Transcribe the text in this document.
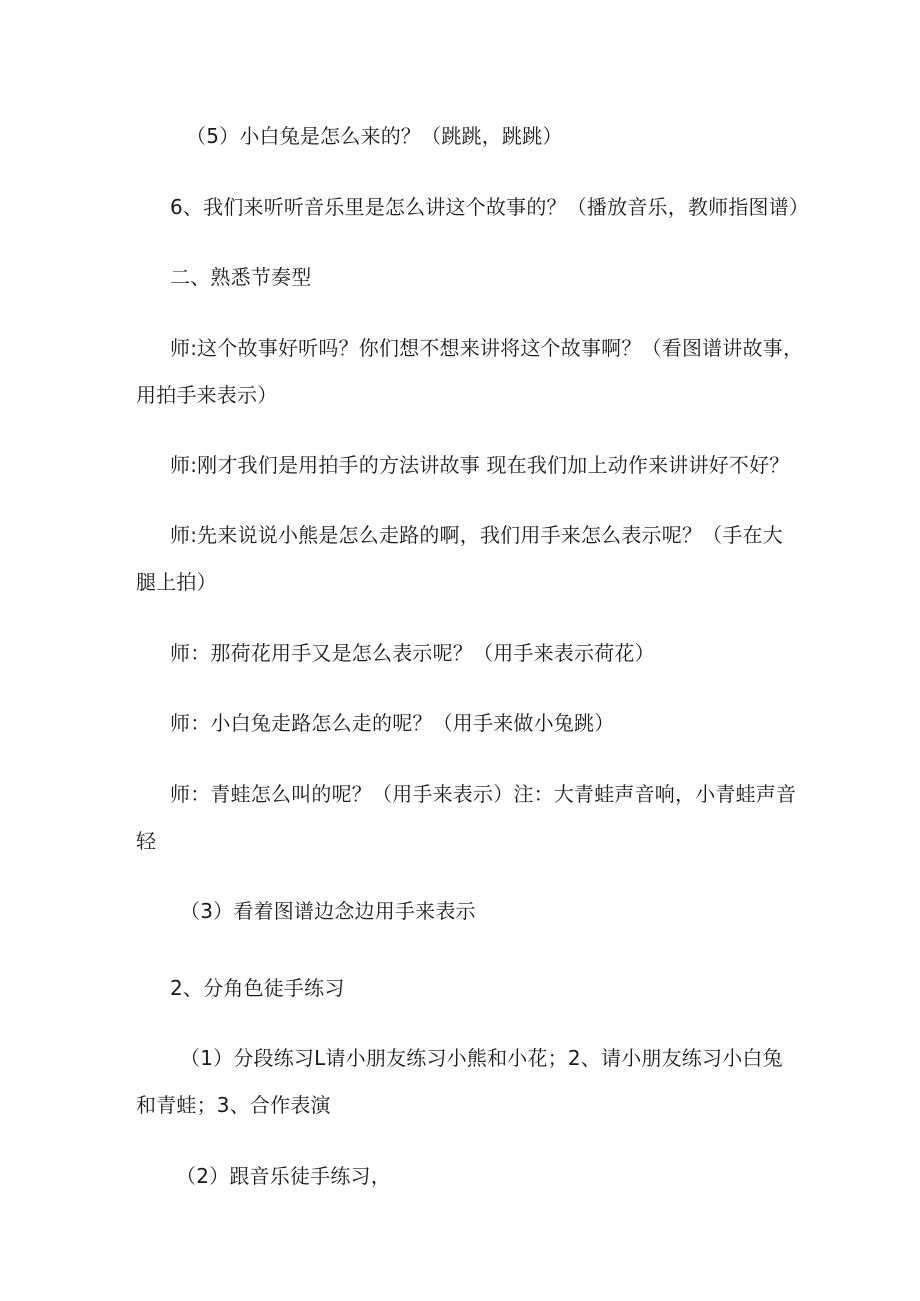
（5）小白兔是怎么来的？（跳跳，跳跳）
6、我们来听听音乐里是怎么讲这个故事的？（播放音乐，教师指图谱）
二、熟悉节奏型
师:这个故事好听吗？你们想不想来讲将这个故事啊？（看图谱讲故事，
用拍手来表示）
师:刚才我们是用拍手的方法讲故事 现在我们加上动作来讲讲好不好？
师:先来说说小熊是怎么走路的啊，我们用手来怎么表示呢？（手在大
腿上拍）
师：那荷花用手又是怎么表示呢？（用手来表示荷花）
师：小白兔走路怎么走的呢？（用手来做小兔跳）
师：青蛙怎么叫的呢？（用手来表示）注：大青蛙声音响，小青蛙声音
轻
（3）看着图谱边念边用手来表示
2、分角色徒手练习
（1）分段练习L请小朋友练习小熊和小花；2、请小朋友练习小白兔
和青蛙；3、合作表演
（2）跟音乐徒手练习，
